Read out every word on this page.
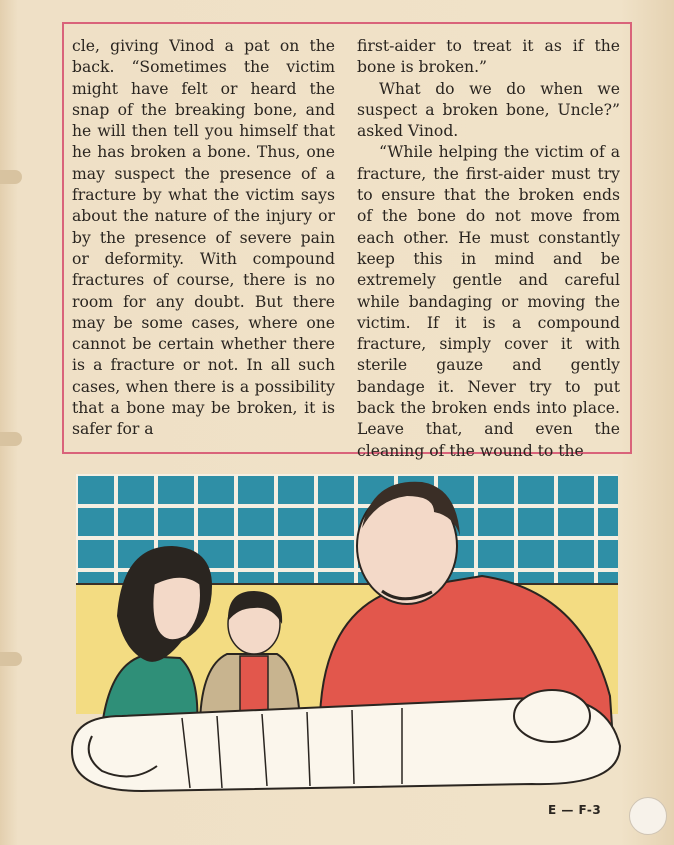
cle, giving Vinod a pat on the back. “Sometimes the victim might have felt or heard the snap of the breaking bone, and he will then tell you himself that he has broken a bone. Thus, one may suspect the presence of a fracture by what the victim says about the nature of the injury or by the presence of severe pain or deformity. With compound fractures of course, there is no room for any doubt. But there may be some cases, where one cannot be certain whether there is a fracture or not. In all such cases, when there is a possibility that a bone may be broken, it is safer for a

first-aider to treat it as if the bone is broken.”

What do we do when we suspect a broken bone, Uncle?” asked Vinod.

“While helping the victim of a fracture, the first-aider must try to ensure that the broken ends of the bone do not move from each other. He must constantly keep this in mind and be extremely gentle and careful while bandaging or moving the victim. If it is a compound fracture, simply cover it with sterile gauze and gently bandage it. Never try to put back the broken ends into place. Leave that, and even the cleaning of the wound to the

E — F-3
